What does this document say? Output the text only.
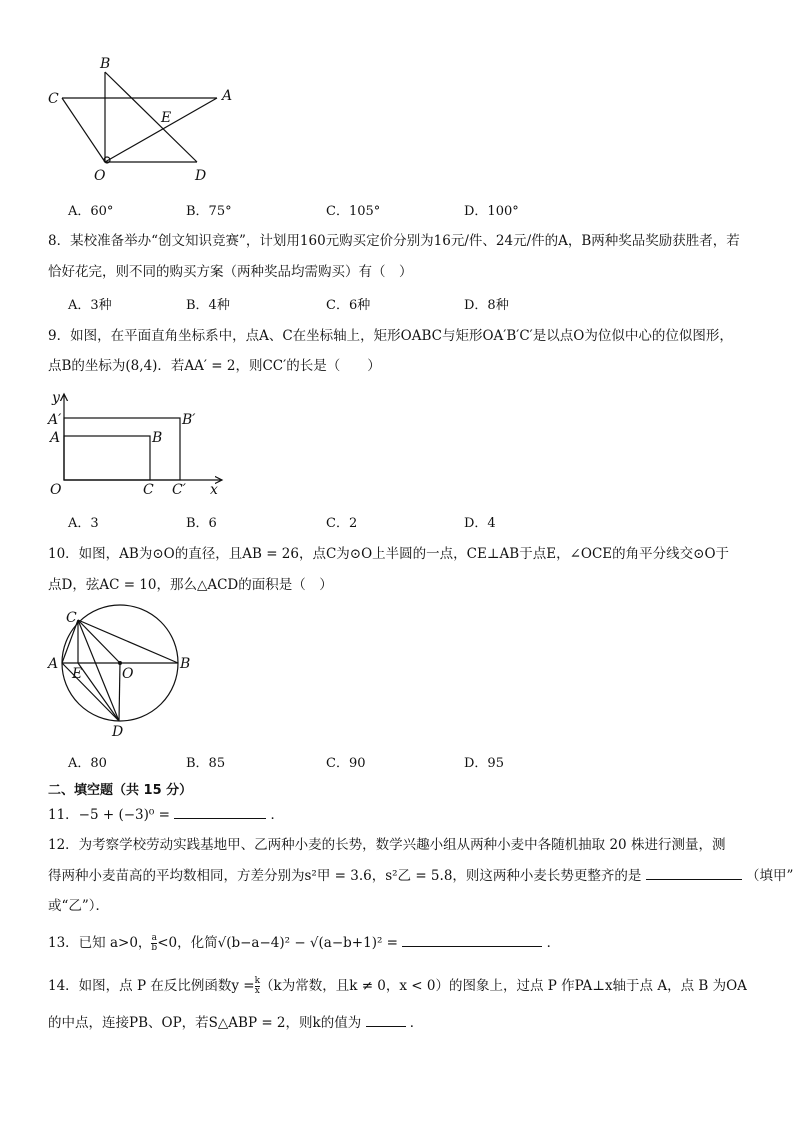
B
A
C
E
O	D
A．60°	B．75°	C．105°	D．100°
8．某校准备举办“创文知识竞赛”，计划用160元购买定价分别为16元/件、24元/件的A，B两种奖品奖励获胜者，若
恰好花完，则不同的购买方案（两种奖品均需购买）有（　）
A．3种	B．4种	C．6种	D．8种
9．如图，在平面直角坐标系中，点A、C在坐标轴上，矩形OABC与矩形OA′B′C′是以点O为位似中心的位似图形，
点B的坐标为(8,4)．若AA′ = 2，则CC′的长是（　　）
y
A′
A
B′
B
O	C C′ x
A．3	B．6	C．2	D．4
10．如图，AB为⊙O的直径，且AB = 26，点C为⊙O上半圆的一点，CE⊥AB于点E，∠OCE的角平分线交⊙O于
点D，弦AC = 10，那么△ACD的面积是（　）
C
A
E	O
B
D
A．80	B．85	C．90	D．95
二、填空题（共 15 分）
11．−5 + (−3)⁰ =	．
12．为考察学校劳动实践基地甲、乙两种小麦的长势，数学兴趣小组从两种小麦中各随机抽取 20 株进行测量，测
得两种小麦苗高的平均数相同，方差分别为s²甲 = 3.6，s²乙 = 5.8，则这两种小麦长势更整齐的是	（填甲”
或“乙”）．
13．已知 a>0， $\frac{a}{b} <0$，化简√(b−a−4)² − √(a−b+1)² =	．
14．如图，点 P 在反比例函数$y = \frac{k}{x} (k$为常数，且k ≠ 0，x < 0）的图象上，过点 P 作PA⊥x轴于点 A，点 B 为OA
的中点，连接PB、OP，若S△ABP = 2，则k的值为	．
